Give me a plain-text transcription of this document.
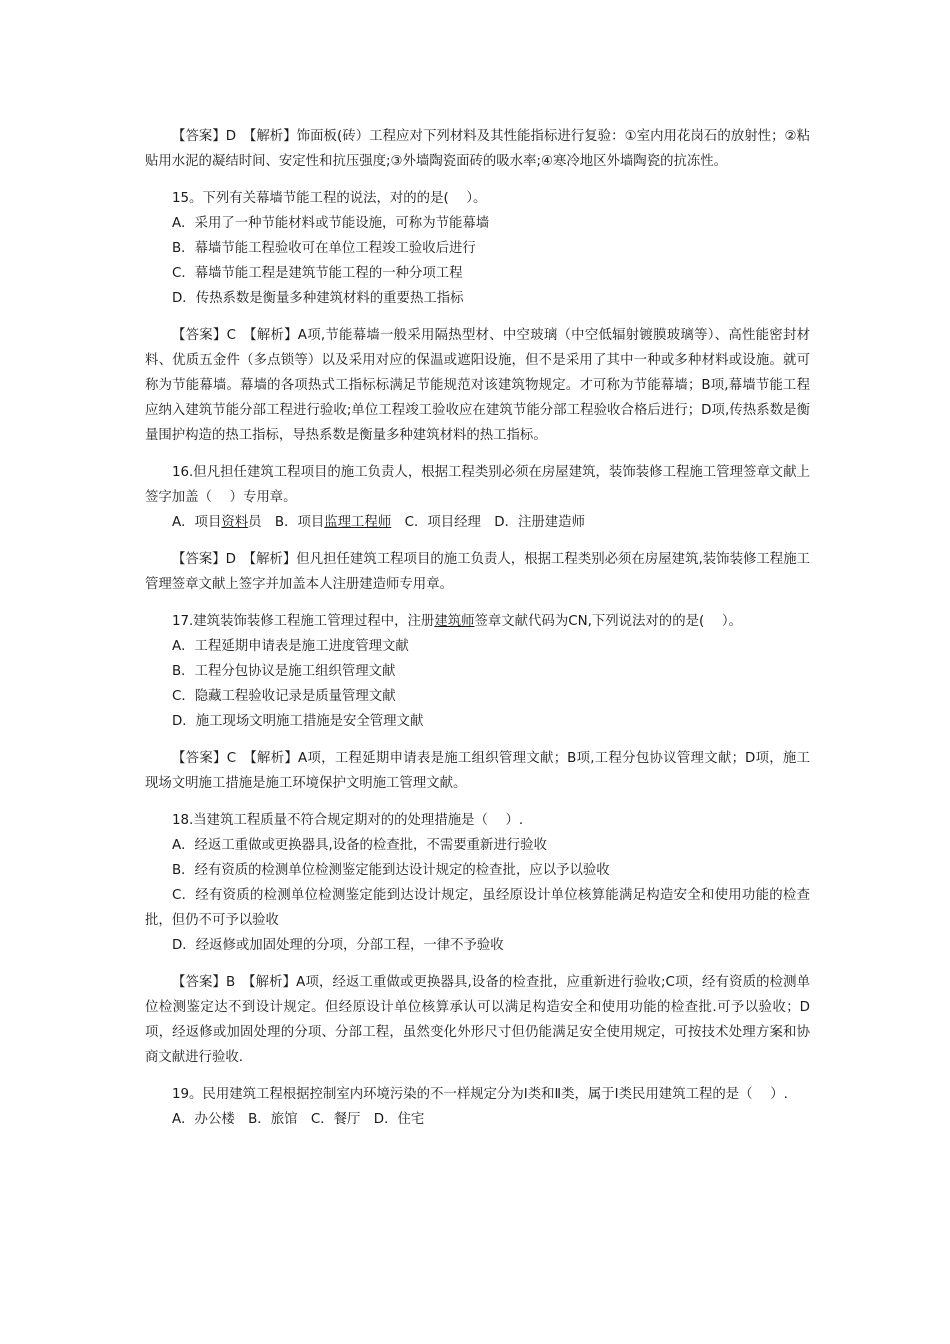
【答案】D　【解析】饰面板(砖）工程应对下列材料及其性能指标进行复验：①室内用花岗石的放射性；②粘贴用水泥的凝结时间、安定性和抗压强度;③外墙陶瓷面砖的吸水率;④寒冷地区外墙陶瓷的抗冻性。

15。下列有关幕墙节能工程的说法，对的的是(　 ）。

A．采用了一种节能材料或节能设施，可称为节能幕墙

B．幕墙节能工程验收可在单位工程竣工验收后进行

C．幕墙节能工程是建筑节能工程的一种分项工程

D．传热系数是衡量多种建筑材料的重要热工指标

【答案】C　【解析】A项,节能幕墙一般采用隔热型材、中空玻璃（中空低辐射镀膜玻璃等）、高性能密封材料、优质五金件（多点锁等）以及采用对应的保温或遮阳设施，但不是采用了其中一种或多种材料或设施。就可称为节能幕墙。幕墙的各项热式工指标标满足节能规范对该建筑物规定。才可称为节能幕墙；B项,幕墙节能工程应纳入建筑节能分部工程进行验收;单位工程竣工验收应在建筑节能分部工程验收合格后进行；D项,传热系数是衡量围护构造的热工指标，导热系数是衡量多种建筑材料的热工指标。

16.但凡担任建筑工程项目的施工负责人，根据工程类别必须在房屋建筑，装饰装修工程施工管理签章文献上签字加盖（　 ）专用章。

A．项目资料员　B．项目监理工程师　C．项目经理　D．注册建造师

【答案】D　【解析】但凡担任建筑工程项目的施工负责人，根据工程类别必须在房屋建筑,装饰装修工程施工管理签章文献上签字并加盖本人注册建造师专用章。

17.建筑装饰装修工程施工管理过程中，注册建筑师签章文献代码为CN,下列说法对的的是(　 ）。

A．工程延期申请表是施工进度管理文献

B．工程分包协议是施工组织管理文献

C．隐藏工程验收记录是质量管理文献

D．施工现场文明施工措施是安全管理文献

【答案】C　【解析】A项，工程延期申请表是施工组织管理文献；B项,工程分包协议管理文献；D项，施工现场文明施工措施是施工环境保护文明施工管理文献。

18.当建筑工程质量不符合规定期对的的处理措施是（　 ）.

A．经返工重做或更换器具,设备的检查批，不需要重新进行验收

B．经有资质的检测单位检测鉴定能到达设计规定的检查批，应以予以验收

C．经有资质的检测单位检测鉴定能到达设计规定，虽经原设计单位核算能满足构造安全和使用功能的检查批，但仍不可予以验收

D．经返修或加固处理的分项，分部工程，一律不予验收

【答案】B　【解析】A项，经返工重做或更换器具,设备的检查批，应重新进行验收;C项，经有资质的检测单位检测鉴定达不到设计规定。但经原设计单位核算承认可以满足构造安全和使用功能的检查批.可予以验收；D项，经返修或加固处理的分项、分部工程，虽然变化外形尺寸但仍能满足安全使用规定，可按技术处理方案和协商文献进行验收.

19。民用建筑工程根据控制室内环境污染的不一样规定分为Ⅰ类和Ⅱ类，属于Ⅰ类民用建筑工程的是（　 ）.

A．办公楼　B．旅馆　C．餐厅　D．住宅
